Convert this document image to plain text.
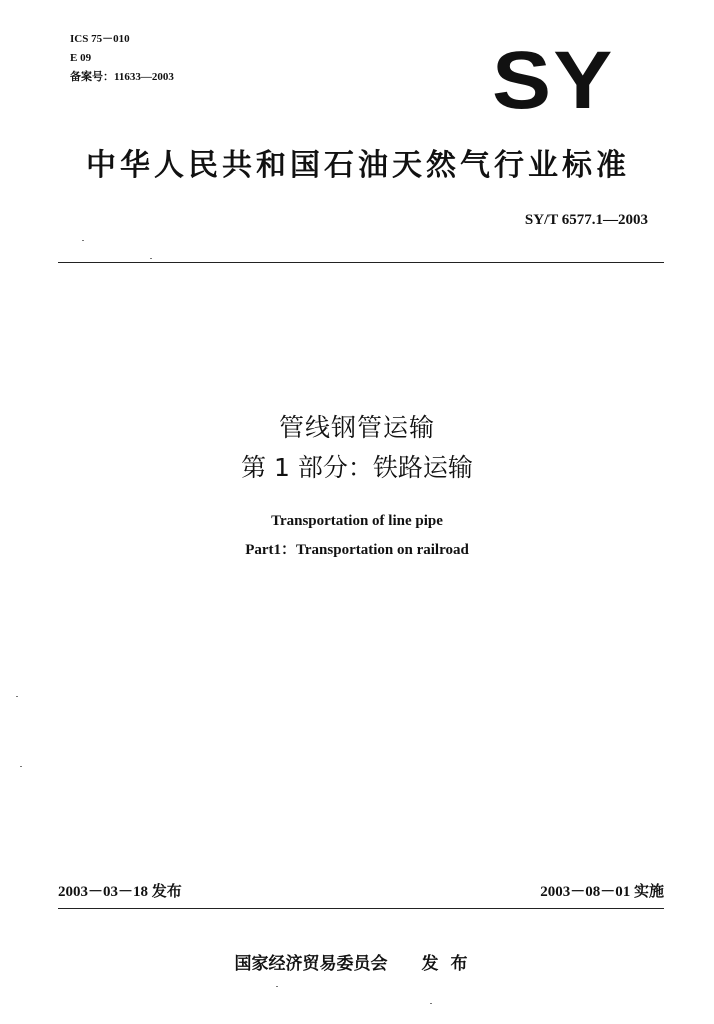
ICS 75－010
E 09
备案号：11633—2003	SY
中华人民共和国石油天然气行业标准
SY/T 6577.1—2003
管线钢管运输
第 1 部分：铁路运输
Transportation of line pipe
Part1：Transportation on railroad
2003－03－18 发布	2003－08－01 实施
国家经济贸易委员会 发布
